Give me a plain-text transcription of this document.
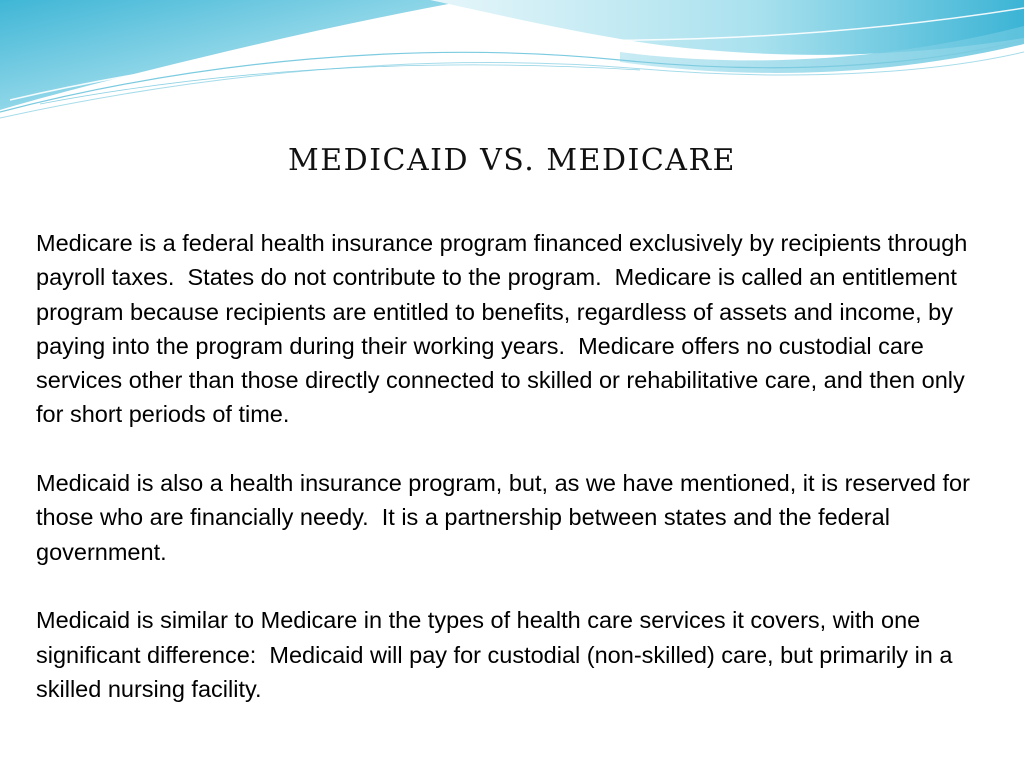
MEDICAID VS. MEDICARE

Medicare is a federal health insurance program financed exclusively by recipients through payroll taxes.  States do not contribute to the program.  Medicare is called an entitlement program because recipients are entitled to benefits, regardless of assets and income, by paying into the program during their working years.  Medicare offers no custodial care services other than those directly connected to skilled or rehabilitative care, and then only for short periods of time.

Medicaid is also a health insurance program, but, as we have mentioned, it is reserved for those who are financially needy.  It is a partnership between states and the federal government.

Medicaid is similar to Medicare in the types of health care services it covers, with one significant difference:  Medicaid will pay for custodial (non-skilled) care, but primarily in a skilled nursing facility.
